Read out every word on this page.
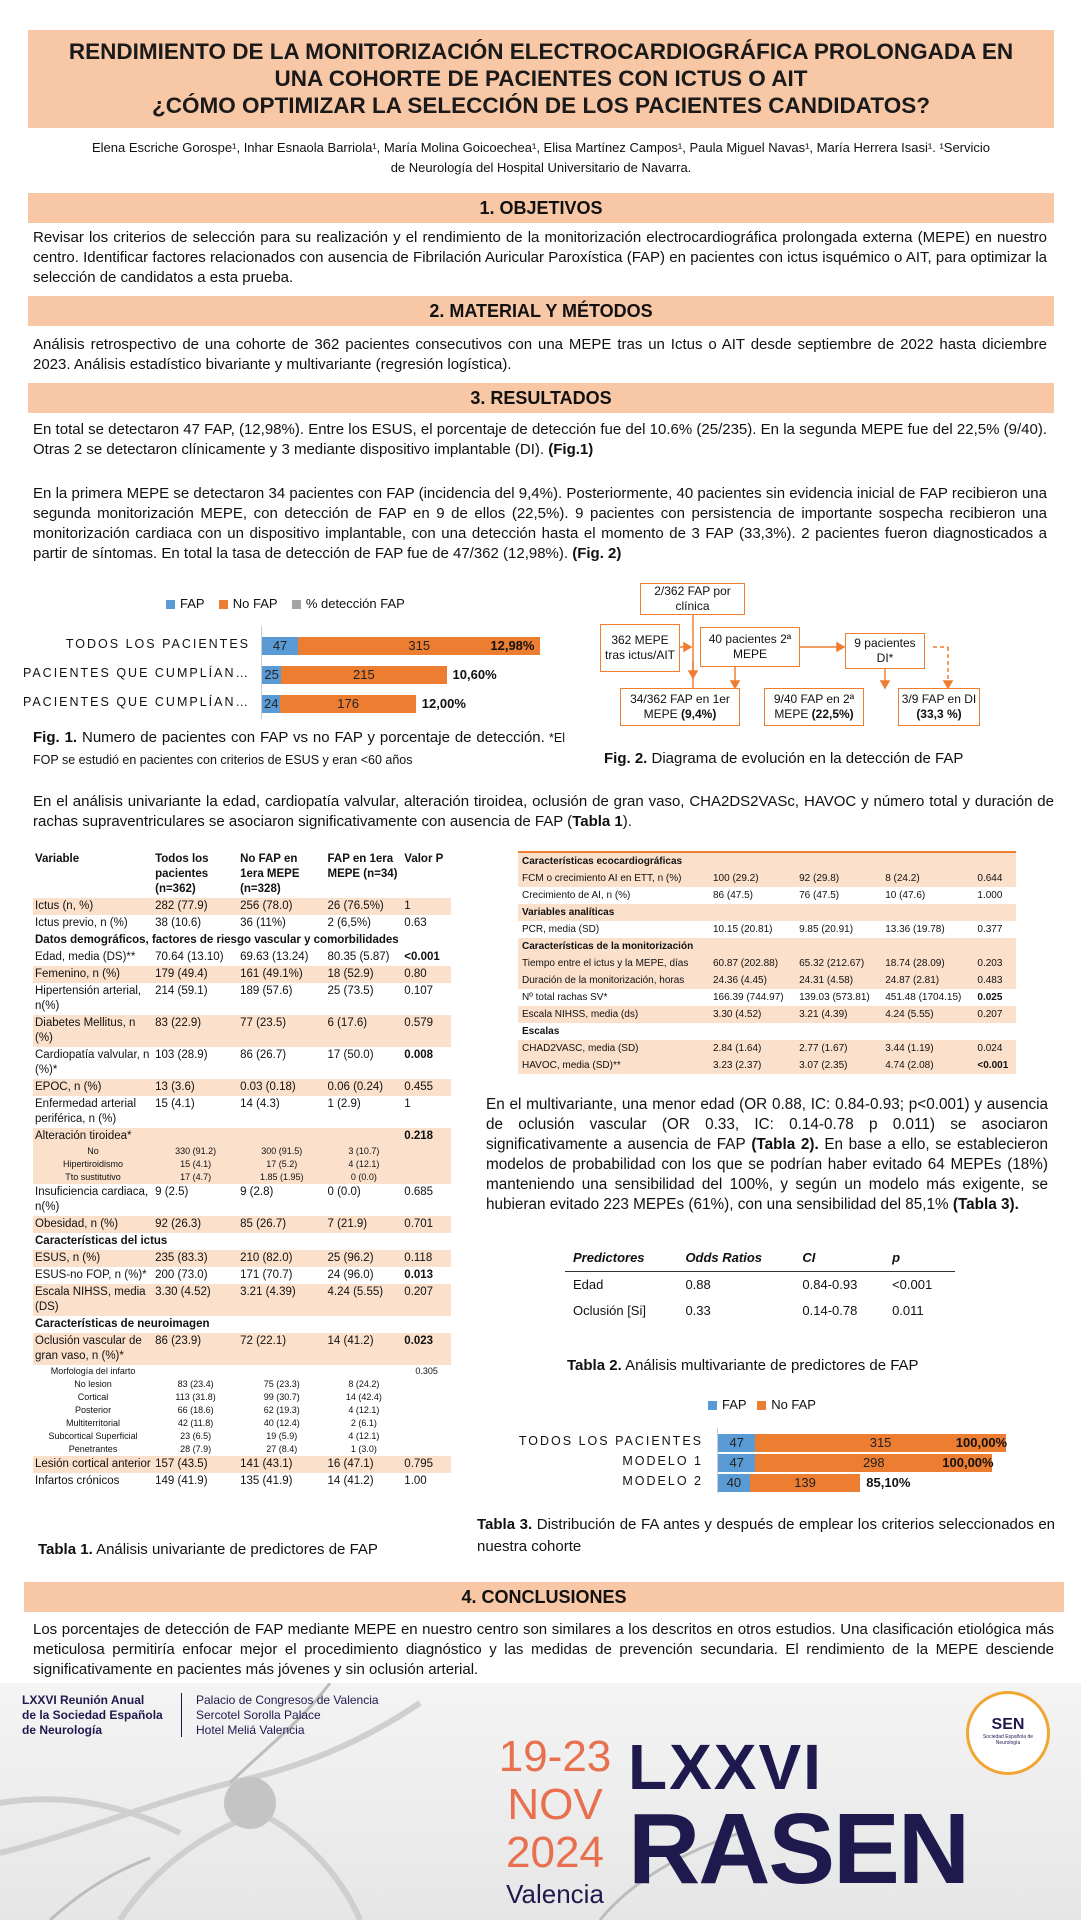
RENDIMIENTO DE LA MONITORIZACIÓN ELECTROCARDIOGRÁFICA PROLONGADA EN
UNA COHORTE DE PACIENTES CON ICTUS O AIT
¿CÓMO OPTIMIZAR LA SELECCIÓN DE LOS PACIENTES CANDIDATOS?
Elena Escriche Gorospe¹, Inhar Esnaola Barriola¹, María Molina Goicoechea¹, Elisa Martínez Campos¹, Paula Miguel Navas¹, María Herrera Isasi¹. ¹Servicio
de Neurología del Hospital Universitario de Navarra.
1. OBJETIVOS
Revisar los criterios de selección para su realización y el rendimiento de la monitorización electrocardiográfica prolongada externa (MEPE) en nuestro centro. Identificar factores relacionados con ausencia de Fibrilación Auricular Paroxística (FAP) en pacientes con ictus isquémico o AIT, para optimizar la selección de candidatos a esta prueba.
2. MATERIAL Y MÉTODOS
Análisis retrospectivo de una cohorte de 362 pacientes consecutivos con una MEPE tras un Ictus o AIT desde septiembre de 2022 hasta diciembre 2023. Análisis estadístico bivariante y multivariante (regresión logística).
3. RESULTADOS
En total se detectaron 47 FAP, (12,98%). Entre los ESUS, el porcentaje de detección fue del 10.6% (25/235). En la segunda MEPE fue del 22,5% (9/40). Otras 2 se detectaron clínicamente y 3 mediante dispositivo implantable (DI). (Fig.1)
En la primera MEPE se detectaron 34 pacientes con FAP (incidencia del 9,4%). Posteriormente, 40 pacientes sin evidencia inicial de FAP recibieron una segunda monitorización MEPE, con detección de FAP en 9 de ellos (22,5%). 9 pacientes con persistencia de importante sospecha recibieron una monitorización cardiaca con un dispositivo implantable, con una detección hasta el momento de 3 FAP (33,3%). 2 pacientes fueron diagnosticados a partir de síntomas. En total la tasa de detección de FAP fue de 47/362 (12,98%). (Fig. 2)
FAP No FAP % detección FAP
TODOS LOS PACIENTES	47	315	12,98%
PACIENTES QUE CUMPLÍAN… 25	215	10,60%
PACIENTES QUE CUMPLÍAN… 24	176	12,00%
Fig. 1. Numero de pacientes con FAP vs no FAP y porcentaje de detección. *El FOP se estudió en pacientes con criterios de ESUS y eran <60 años
2/362 FAP por clínica
362 MEPE tras ictus/AIT
40 pacientes 2ª MEPE
9 pacientes DI*
34/362 FAP en 1er MEPE (9,4%)
9/40 FAP en 2ª MEPE (22,5%)
3/9 FAP en DI (33,3 %)
Fig. 2. Diagrama de evolución en la detección de FAP
En el análisis univariante la edad, cardiopatía valvular, alteración tiroidea, oclusión de gran vaso, CHA2DS2VASc, HAVOC y número total y duración de rachas supraventriculares se asociaron significativamente con ausencia de FAP (Tabla 1).
Variable	Todos los pacientes (n=362)	No FAP en 1era MEPE (n=328)	FAP en 1era MEPE (n=34)	Valor P
Ictus (n, %)	282 (77.9)	256 (78.0)	26 (76.5%)	1
Ictus previo, n (%)	38 (10.6)	36 (11%)	2 (6,5%)	0.63
Datos demográficos, factores de riesgo vascular y comorbilidades				
Edad, media (DS)**	70.64 (13.10)	69.63 (13.24)	80.35 (5.87)	<0.001
Femenino, n (%)	179 (49.4)	161 (49.1%)	18 (52.9)	0.80
Hipertensión arterial, n(%)	214 (59.1)	189 (57.6)	25 (73.5)	0.107
Diabetes Mellitus, n (%)	83 (22.9)	77 (23.5)	6 (17.6)	0.579
Cardiopatía valvular, n (%)*	103 (28.9)	86 (26.7)	17 (50.0)	0.008
EPOC, n (%)	13 (3.6)	0.03 (0.18)	0.06 (0.24)	0.455
Enfermedad arterial periférica, n (%)	15 (4.1)	14 (4.3)	1 (2.9)	1
Alteración tiroidea*				0.218
No	330 (91.2)	300 (91.5)	3 (10.7)	
Hipertiroidismo	15 (4.1)	17 (5.2)	4 (12.1)	
Tto sustitutivo	17 (4.7)	1.85 (1.95)	0 (0.0)	
Insuficiencia cardiaca, n(%)	9 (2.5)	9 (2.8)	0 (0.0)	0.685
Obesidad, n (%)	92 (26.3)	85 (26.7)	7 (21.9)	0.701
Características del ictus				
ESUS, n (%)	235 (83.3)	210 (82.0)	25 (96.2)	0.118
ESUS-no FOP, n (%)*	200 (73.0)	171 (70.7)	24 (96.0)	0.013
Escala NIHSS, media (DS)	3.30 (4.52)	3.21 (4.39)	4.24 (5.55)	0.207
Características de neuroimagen				
Oclusión vascular de gran vaso, n (%)*	86 (23.9)	72 (22.1)	14 (41.2)	0.023
Morfología del infarto				0.305
No lesion	83 (23.4)	75 (23.3)	8 (24.2)	
Cortical	113 (31.8)	99 (30.7)	14 (42.4)	
Posterior	66 (18.6)	62 (19.3)	4 (12.1)	
Multiterritorial	42 (11.8)	40 (12.4)	2 (6.1)	
Subcortical Superficial	23 (6.5)	19 (5.9)	4 (12.1)	
Penetrantes	28 (7.9)	27 (8.4)	1 (3.0)	
Lesión cortical anterior	157 (43.5)	141 (43.1)	16 (47.1)	0.795
Infartos crónicos	149 (41.9)	135 (41.9)	14 (41.2)	1.00
Tabla 1. Análisis univariante de predictores de FAP
Características ecocardiográficas				
FCM o crecimiento AI en ETT, n (%)	100 (29.2)	92 (29.8)	8 (24.2)	0.644
Crecimiento de AI, n (%)	86 (47.5)	76 (47.5)	10 (47.6)	1.000
Variables analíticas				
PCR, media (SD)	10.15 (20.81)	9.85 (20.91)	13.36 (19.78)	0.377
Características de la monitorización				
Tiempo entre el ictus y la MEPE, días	60.87 (202.88)	65.32 (212.67)	18.74 (28.09)	0.203
Duración de la monitorización, horas	24.36 (4.45)	24.31 (4.58)	24.87 (2.81)	0.483
Nº total rachas SV*	166.39 (744.97)	139.03 (573.81)	451.48 (1704.15)	0.025
Escala NIHSS, media (ds)	3.30 (4.52)	3.21 (4.39)	4.24 (5.55)	0.207
Escalas				
CHAD2VASC, media (SD)	2.84 (1.64)	2.77 (1.67)	3.44 (1.19)	0.024
HAVOC, media (SD)**	3.23 (2.37)	3.07 (2.35)	4.74 (2.08)	<0.001
En el multivariante, una menor edad (OR 0.88, IC: 0.84-0.93; p<0.001) y ausencia de oclusión vascular (OR 0.33, IC: 0.14-0.78 p 0.011) se asociaron significativamente a ausencia de FAP (Tabla 2). En base a ello, se establecieron modelos de probabilidad con los que se podrían haber evitado 64 MEPEs (18%) manteniendo una sensibilidad del 100%, y según un modelo más exigente, se hubieran evitado 223 MEPEs (61%), con una sensibilidad del 85,1% (Tabla 3).
Predictores	Odds Ratios	CI	p
Edad	0.88	0.84-0.93	<0.001
Oclusión [Si]	0.33	0.14-0.78	0.011
Tabla 2. Análisis multivariante de predictores de FAP
FAP No FAP
TODOS LOS PACIENTES	47	315	100,00%
MODELO 1	47	298	100,00%
MODELO 2	40	139	85,10%
Tabla 3. Distribución de FA antes y después de emplear los criterios seleccionados en nuestra cohorte
4. CONCLUSIONES
Los porcentajes de detección de FAP mediante MEPE en nuestro centro son similares a los descritos en otros estudios. Una clasificación etiológica más meticulosa permitiría enfocar mejor el procedimiento diagnóstico y las medidas de prevención secundaria. El rendimiento de la MEPE desciende significativamente en pacientes más jóvenes y sin oclusión arterial.
LXXVI Reunión Anual
de la Sociedad Española
de Neurología
Palacio de Congresos de Valencia
Sercotel Sorolla Palace
Hotel Meliá Valencia
19-23
NOV
2024
Valencia
LXXVI
RASEN
SEN
Sociedad Española de Neurología
